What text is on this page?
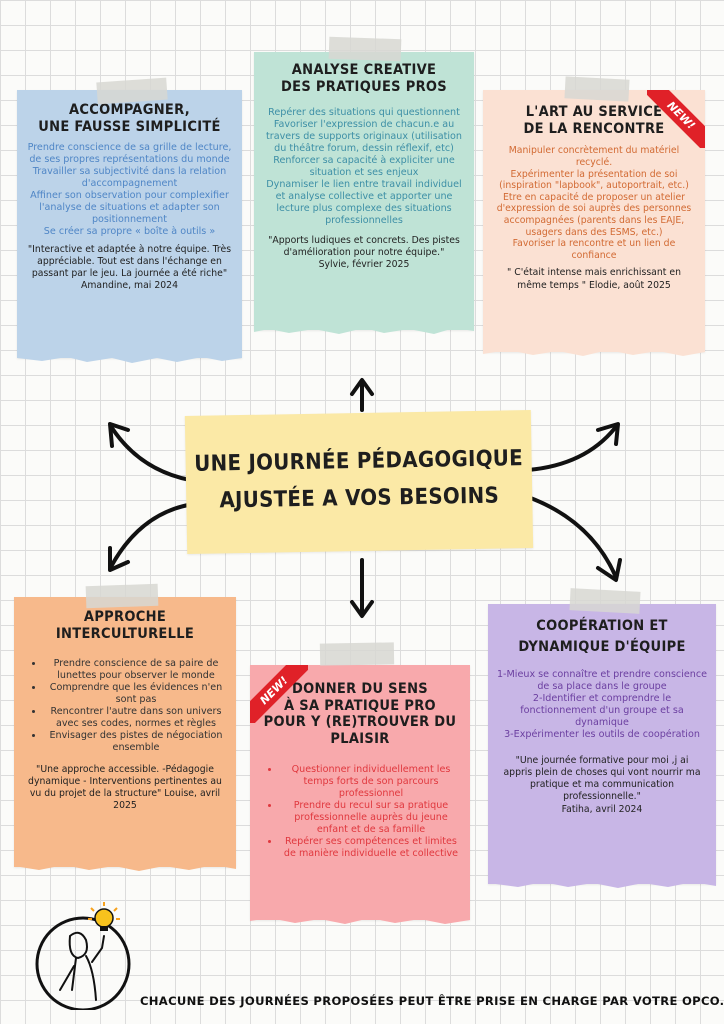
UNE JOURNÉE PÉDAGOGIQUE
AJUSTÉE A VOS BESOINS
ACCOMPAGNER,
UNE FAUSSE SIMPLICITÉ
Prendre conscience de sa grille de lecture, de ses propres représentations du monde Travailler sa subjectivité dans la relation d'accompagnement
Affiner son observation pour complexifier l'analyse de situations et adapter son positionnement
Se créer sa propre « boîte à outils »
"Interactive et adaptée à notre équipe. Très appréciable. Tout est dans l'échange en passant par le jeu. La journée a été riche"
Amandine, mai 2024
ANALYSE CREATIVE
DES PRATIQUES PROS
Repérer des situations qui questionnent
Favoriser l'expression de chacun.e au travers de supports originaux (utilisation du théâtre forum, dessin réflexif, etc)
Renforcer sa capacité à expliciter une situation et ses enjeux
Dynamiser le lien entre travail individuel et analyse collective et apporter une lecture plus complexe des situations professionnelles
"Apports ludiques et concrets. Des pistes d'amélioration pour notre équipe."
Sylvie, février 2025
NEW!
L'ART AU SERVICE
DE LA RENCONTRE
Manipuler concrètement du matériel recyclé.
Expérimenter la présentation de soi (inspiration "lapbook", autoportrait, etc.)
Etre en capacité de proposer un atelier d'expression de soi auprès des personnes accompagnées (parents dans les EAJE, usagers dans des ESMS, etc.)
Favoriser la rencontre et un lien de confiance
" C'était intense mais enrichissant en même temps " Elodie, août 2025
APPROCHE
INTERCULTURELLE
• Prendre conscience de sa paire de lunettes pour observer le monde
• Comprendre que les évidences n'en sont pas
• Rencontrer l'autre dans son univers avec ses codes, normes et règles
• Envisager des pistes de négociation ensemble
"Une approche accessible. -Pédagogie dynamique - Interventions pertinentes au vu du projet de la structure" Louise, avril 2025
NEW! DONNER DU SENS
À SA PRATIQUE PRO
POUR Y (RE)TROUVER DU
PLAISIR
• Questionner individuellement les temps forts de son parcours professionnel
• Prendre du recul sur sa pratique professionnelle auprès du jeune enfant et de sa famille
• Repérer ses compétences et limites de manière individuelle et collective
COOPÉRATION ET
DYNAMIQUE D'ÉQUIPE
1-Mieux se connaître et prendre conscience de sa place dans le groupe
2-Identifier et comprendre le fonctionnement d'un groupe et sa dynamique
3-Expérimenter les outils de coopération
"Une journée formative pour moi ,j ai appris plein de choses qui vont nourrir ma pratique et ma communication professionnelle."
Fatiha, avril 2024
CHACUNE DES JOURNÉES PROPOSÉES PEUT ÊTRE PRISE EN CHARGE PAR VOTRE OPCO.
